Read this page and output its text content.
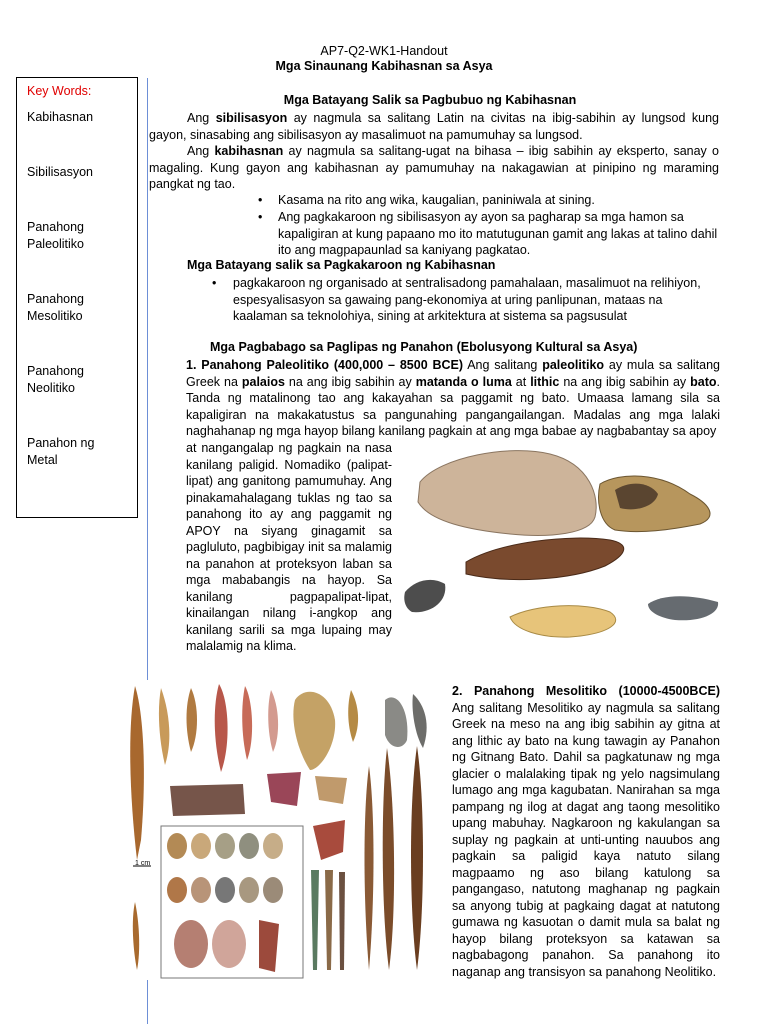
AP7-Q2-WK1-Handout
Mga Sinaunang Kabihasnan sa Asya
Key Words:
Kabihasnan
Sibilisasyon
Panahong
Paleolitiko
Panahong
Mesolitiko
Panahong
Neolitiko
Panahon ng
Metal
Mga Batayang Salik sa Pagbubuo ng Kabihasnan
Ang sibilisasyon ay nagmula sa salitang Latin na civitas na ibig-sabihin ay lungsod kung gayon, sinasabing ang sibilisasyon ay masalimuot na pamumuhay sa lungsod.
Ang kabihasnan ay nagmula sa salitang-ugat na bihasa – ibig sabihin ay eksperto, sanay o magaling. Kung gayon ang kabihasnan ay pamumuhay na nakagawian at pinipino ng maraming pangkat ng tao.
• Kasama na rito ang wika, kaugalian, paniniwala at sining.
• Ang pagkakaroon ng sibilisasyon ay ayon sa pagharap sa mga hamon sa kapaligiran at kung papaano mo ito matutugunan gamit ang lakas at talino dahil ito ang magpapaunlad sa kaniyang pagkatao.
Mga Batayang salik sa Pagkakaroon ng Kabihasnan
• pagkakaroon ng organisado at sentralisadong pamahalaan, masalimuot na relihiyon, espesyalisasyon sa gawaing pang-ekonomiya at uring panlipunan, mataas na kaalaman sa teknolohiya, sining at arkitektura at sistema sa pagsusulat
Mga Pagbabago sa Paglipas ng Panahon (Ebolusyong Kultural sa Asya)
1. Panahong Paleolitiko (400,000 – 8500 BCE) Ang salitang paleolitiko ay mula sa salitang Greek na palaios na ang ibig sabihin ay matanda o luma at lithic na ang ibig sabihin ay bato. Tanda ng matalinong tao ang kakayahan sa paggamit ng bato. Umaasa lamang sila sa kapaligiran na makakatustus sa pangunahing pangangailangan. Madalas ang mga lalaki naghahanap ng mga hayop bilang kanilang pagkain at ang mga babae ay nagbabantay sa apoy
at nangangalap ng pagkain na nasa kanilang paligid. Nomadiko (palipat-lipat) ang ganitong pamumuhay. Ang pinakamahalagang tuklas ng tao sa panahong ito ay ang paggamit ng APOY na siyang ginagamit sa pagluluto, pagbibigay init sa malamig na panahon at proteksyon laban sa mga mababangis na hayop. Sa kanilang pagpapalipat-lipat, kinailangan nilang i-angkop ang kanilang sarili sa mga lupaing may malalamig na klima.
1 cm
2. Panahong Mesolitiko (10000-4500BCE) Ang salitang Mesolitiko ay nagmula sa salitang Greek na meso na ang ibig sabihin ay gitna at ang lithic ay bato na kung tawagin ay Panahon ng Gitnang Bato. Dahil sa pagkatunaw ng mga glacier o malalaking tipak ng yelo nagsimulang lumago ang mga kagubatan. Nanirahan sa mga pampang ng ilog at dagat ang taong mesolitiko upang mabuhay. Nagkaroon ng kakulangan sa suplay ng pagkain at unti-unting nauubos ang pagkain sa paligid kaya natuto silang magpaamo ng aso bilang katulong sa pangangaso, natutong maghanap ng pagkain sa anyong tubig at pagkaing dagat at natutong gumawa ng kasuotan o damit mula sa balat ng hayop bilang proteksyon sa katawan sa nagbabagong panahon. Sa panahong ito naganap ang transisyon sa panahong Neolitiko.
